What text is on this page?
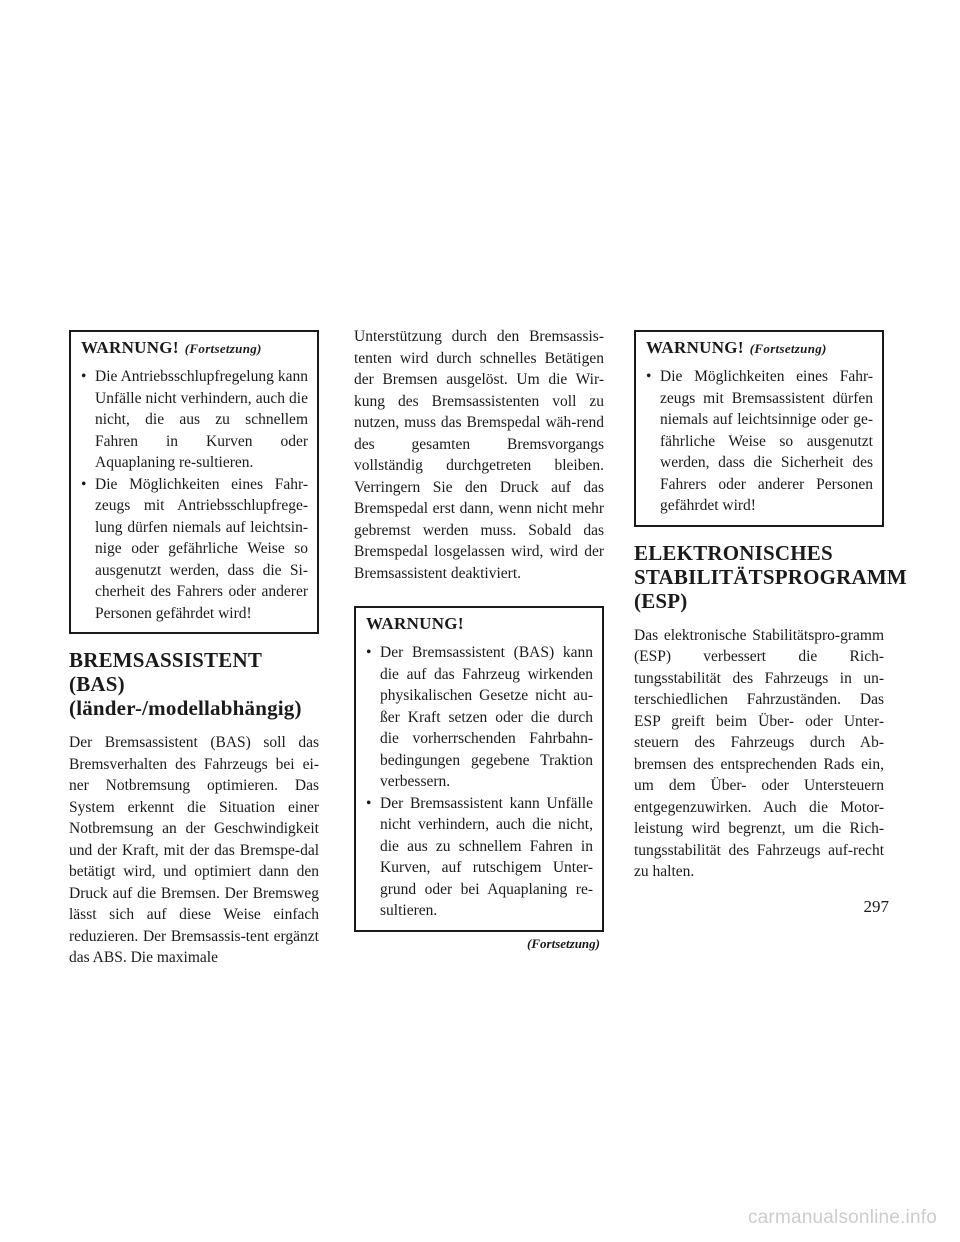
WARNUNG! (Fortsetzung)
• Die Antriebsschlupfregelung kann Unfälle nicht verhindern, auch die nicht, die aus zu schnellem Fahren in Kurven oder Aquaplaning re-sultieren.
• Die Möglichkeiten eines Fahr-zeugs mit Antriebsschlupfrege-lung dürfen niemals auf leichtsin-nige oder gefährliche Weise so ausgenutzt werden, dass die Si-cherheit des Fahrers oder anderer Personen gefährdet wird!
BREMSASSISTENT (BAS) (länder-/modellabhängig)

Der Bremsassistent (BAS) soll das Bremsverhalten des Fahrzeugs bei ei-ner Notbremsung optimieren. Das System erkennt die Situation einer Notbremsung an der Geschwindigkeit und der Kraft, mit der das Bremspe-dal betätigt wird, und optimiert dann den Druck auf die Bremsen. Der Bremsweg lässt sich auf diese Weise einfach reduzieren. Der Bremsassis-tent ergänzt das ABS. Die maximale

Unterstützung durch den Bremsassis-tenten wird durch schnelles Betätigen der Bremsen ausgelöst. Um die Wir-kung des Bremsassistenten voll zu nutzen, muss das Bremspedal wäh-rend des gesamten Bremsvorgangs vollständig durchgetreten bleiben. Verringern Sie den Druck auf das Bremspedal erst dann, wenn nicht mehr gebremst werden muss. Sobald das Bremspedal losgelassen wird, wird der Bremsassistent deaktiviert.

WARNUNG!
• Der Bremsassistent (BAS) kann die auf das Fahrzeug wirkenden physikalischen Gesetze nicht au-ßer Kraft setzen oder die durch die vorherrschenden Fahrbahn-bedingungen gegebene Traktion verbessern.
• Der Bremsassistent kann Unfälle nicht verhindern, auch die nicht, die aus zu schnellem Fahren in Kurven, auf rutschigem Unter-grund oder bei Aquaplaning re-sultieren.
(Fortsetzung)
WARNUNG! (Fortsetzung)
• Die Möglichkeiten eines Fahr-zeugs mit Bremsassistent dürfen niemals auf leichtsinnige oder ge-fährliche Weise so ausgenutzt werden, dass die Sicherheit des Fahrers oder anderer Personen gefährdet wird!
ELEKTRONISCHES STABILITÄTSPROGRAMM (ESP)

Das elektronische Stabilitätspro-gramm (ESP) verbessert die Rich-tungsstabilität des Fahrzeugs in un-terschiedlichen Fahrzuständen. Das ESP greift beim Über- oder Unter-steuern des Fahrzeugs durch Ab-bremsen des entsprechenden Rads ein, um dem Über- oder Untersteuern entgegenzuwirken. Auch die Motor-leistung wird begrenzt, um die Rich-tungsstabilität des Fahrzeugs auf-recht zu halten.

297
carmanualsonline.info
